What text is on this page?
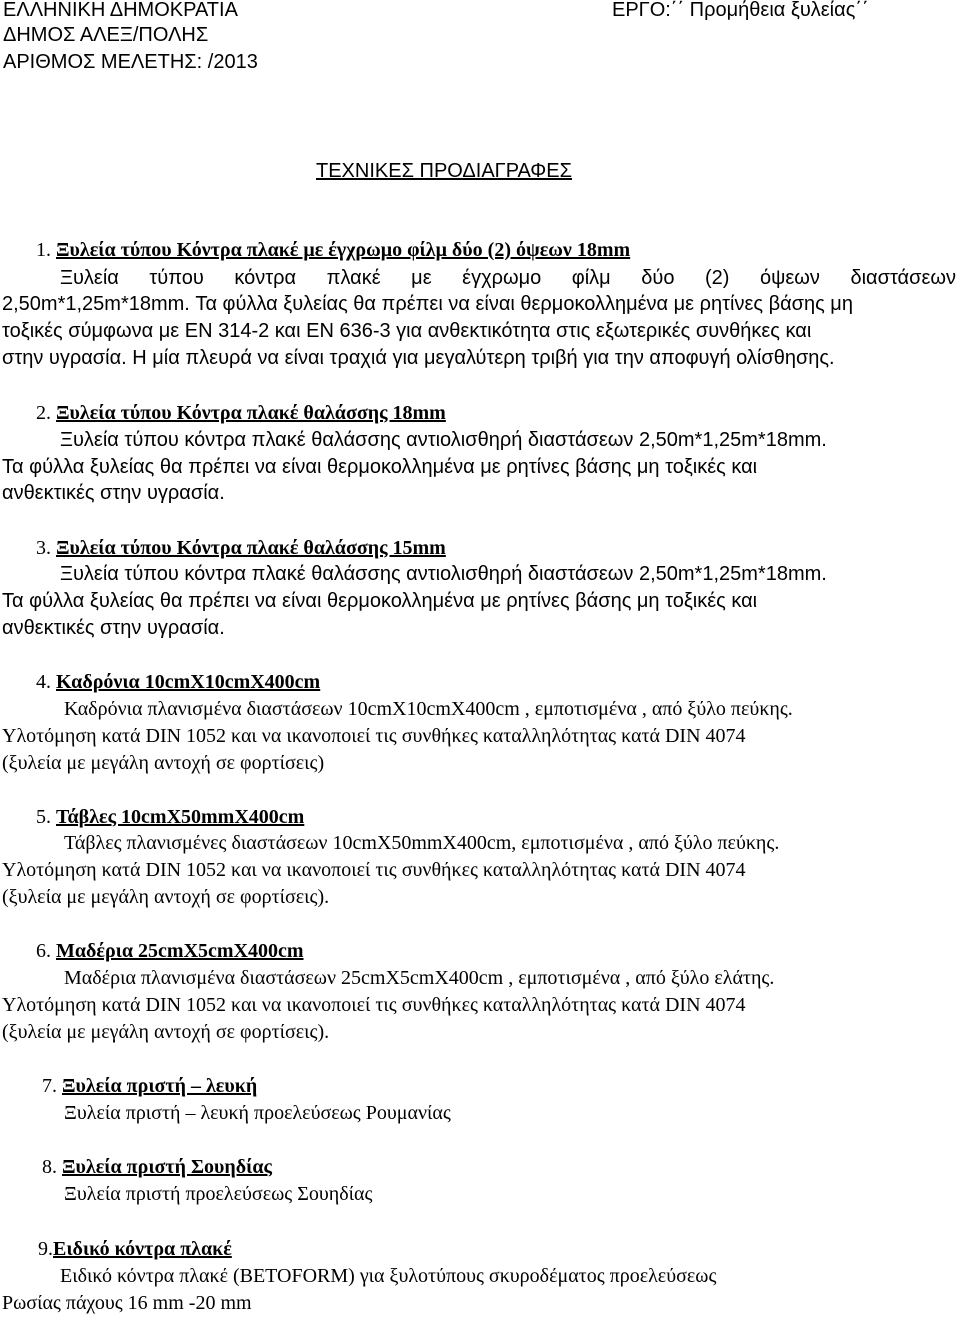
ΕΛΛΗΝΙΚΗ ΔΗΜΟΚΡΑΤΙΑ
ΔΗΜΟΣ ΑΛΕΞ/ΠΟΛΗΣ
ΑΡΙΘΜΟΣ ΜΕΛΕΤΗΣ: /2013
ΕΡΓΟ:΄΄ Προμήθεια ξυλείας΄΄
ΤΕΧΝΙΚΕΣ ΠΡΟΔΙΑΓΡΑΦΕΣ
1. Ξυλεία τύπου Κόντρα πλακέ με έγχρωμο φίλμ δύο (2) όψεων 18mm
Ξυλεία τύπου κόντρα πλακέ με έγχρωμο φίλμ δύο (2) όψεων διαστάσεων
2,50m*1,25m*18mm. Τα φύλλα ξυλείας θα πρέπει να είναι θερμοκολλημένα με ρητίνες βάσης μη
τοξικές σύμφωνα με EN 314-2 και EN 636-3 για ανθεκτικότητα στις εξωτερικές συνθήκες και
στην υγρασία. Η μία πλευρά να είναι τραχιά για μεγαλύτερη τριβή για την αποφυγή ολίσθησης.
2. Ξυλεία τύπου Κόντρα πλακέ θαλάσσης 18mm
Ξυλεία τύπου κόντρα πλακέ θαλάσσης αντιολισθηρή διαστάσεων 2,50m*1,25m*18mm.
Τα φύλλα ξυλείας θα πρέπει να είναι θερμοκολλημένα με ρητίνες βάσης μη τοξικές και
ανθεκτικές στην υγρασία.
3. Ξυλεία τύπου Κόντρα πλακέ θαλάσσης 15mm
Ξυλεία τύπου κόντρα πλακέ θαλάσσης αντιολισθηρή διαστάσεων 2,50m*1,25m*18mm.
Τα φύλλα ξυλείας θα πρέπει να είναι θερμοκολλημένα με ρητίνες βάσης μη τοξικές και
ανθεκτικές στην υγρασία.
4. Καδρόνια 10cmX10cmX400cm
Καδρόνια πλανισμένα διαστάσεων 10cmX10cmX400cm , εμποτισμένα , από ξύλο πεύκης.
Υλοτόμηση κατά DIN 1052 και να ικανοποιεί τις συνθήκες καταλληλότητας κατά DIN 4074
(ξυλεία με μεγάλη αντοχή σε φορτίσεις)
5. Τάβλες 10cmX50mmX400cm
Τάβλες πλανισμένες διαστάσεων 10cmX50mmX400cm, εμποτισμένα , από ξύλο πεύκης.
Υλοτόμηση κατά DIN 1052 και να ικανοποιεί τις συνθήκες καταλληλότητας κατά DIN 4074
(ξυλεία με μεγάλη αντοχή σε φορτίσεις).
6. Μαδέρια 25cmX5cmX400cm
Μαδέρια πλανισμένα διαστάσεων 25cmX5cmX400cm , εμποτισμένα , από ξύλο ελάτης.
Υλοτόμηση κατά DIN 1052 και να ικανοποιεί τις συνθήκες καταλληλότητας κατά DIN 4074
(ξυλεία με μεγάλη αντοχή σε φορτίσεις).
7. Ξυλεία πριστή – λευκή
Ξυλεία πριστή – λευκή προελεύσεως Ρουμανίας
8. Ξυλεία πριστή Σουηδίας
Ξυλεία πριστή προελεύσεως Σουηδίας
9.Ειδικό κόντρα πλακέ
Ειδικό κόντρα πλακέ (BETOFORM) για ξυλοτύπους σκυροδέματος προελεύσεως
Ρωσίας πάχους 16 mm -20 mm
